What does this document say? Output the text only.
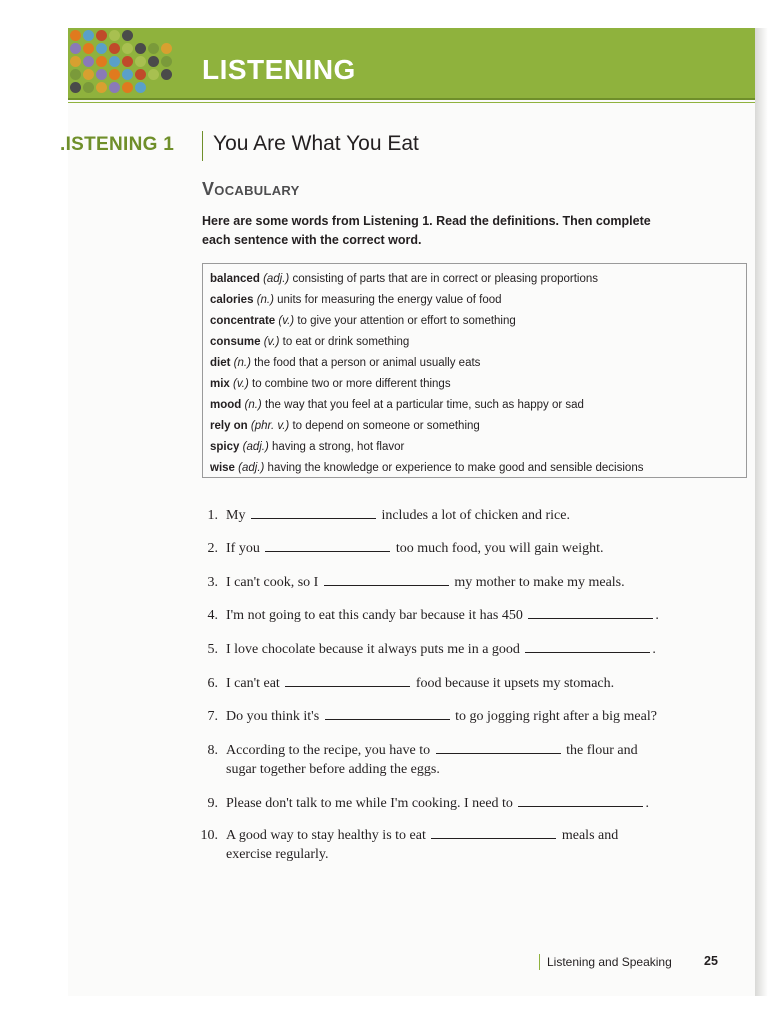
LISTENING
.ISTENING 1 You Are What You Eat
Vocabulary
Here are some words from Listening 1. Read the definitions. Then complete each sentence with the correct word.
balanced (adj.) consisting of parts that are in correct or pleasing proportions
calories (n.) units for measuring the energy value of food
concentrate (v.) to give your attention or effort to something
consume (v.) to eat or drink something
diet (n.) the food that a person or animal usually eats
mix (v.) to combine two or more different things
mood (n.) the way that you feel at a particular time, such as happy or sad
rely on (phr. v.) to depend on someone or something
spicy (adj.) having a strong, hot flavor
wise (adj.) having the knowledge or experience to make good and sensible decisions
1. My	includes a lot of chicken and rice.
2. If you	too much food, you will gain weight.
3. I can't cook, so I	my mother to make my meals.
4. I'm not going to eat this candy bar because it has 450	.
5. I love chocolate because it always puts me in a good	.
6. I can't eat	food because it upsets my stomach.
7. Do you think it's	to go jogging right after a big meal?
8. According to the recipe, you have to	the flour and
sugar together before adding the eggs.
9. Please don't talk to me while I'm cooking. I need to	.
10. A good way to stay healthy is to eat	meals and
exercise regularly.
Listening and Speaking	25
